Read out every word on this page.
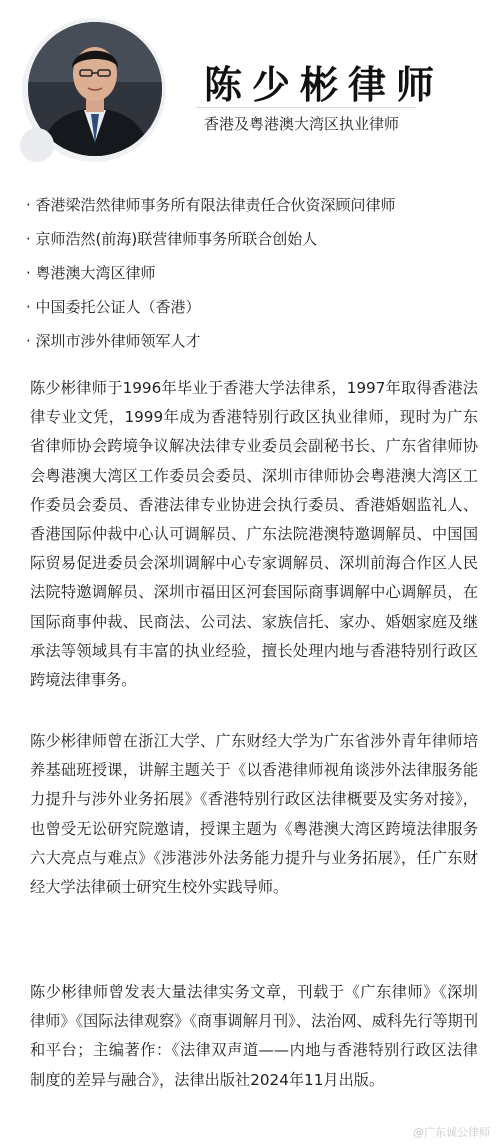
陈少彬律师
香港及粤港澳大湾区执业律师
· 香港梁浩然律师事务所有限法律责任合伙资深顾问律师
· 京师浩然(前海)联营律师事务所联合创始人
· 粤港澳大湾区律师
· 中国委托公证人（香港）
· 深圳市涉外律师领军人才
陈少彬律师于1996年毕业于香港大学法律系，1997年取得香港法律专业文凭，1999年成为香港特别行政区执业律师，现时为广东省律师协会跨境争议解决法律专业委员会副秘书长、广东省律师协会粤港澳大湾区工作委员会委员、深圳市律师协会粤港澳大湾区工作委员会委员、香港法律专业协进会执行委员、香港婚姻监礼人、香港国际仲裁中心认可调解员、广东法院港澳特邀调解员、中国国际贸易促进委员会深圳调解中心专家调解员、深圳前海合作区人民法院特邀调解员、深圳市福田区河套国际商事调解中心调解员，在国际商事仲裁、民商法、公司法、家族信托、家办、婚姻家庭及继承法等领域具有丰富的执业经验，擅长处理内地与香港特别行政区跨境法律事务。
陈少彬律师曾在浙江大学、广东财经大学为广东省涉外青年律师培养基础班授课，讲解主题关于《以香港律师视角谈涉外法律服务能力提升与涉外业务拓展》《香港特别行政区法律概要及实务对接》，也曾受无讼研究院邀请，授课主题为《粤港澳大湾区跨境法律服务六大亮点与难点》《涉港涉外法务能力提升与业务拓展》，任广东财经大学法律硕士研究生校外实践导师。
陈少彬律师曾发表大量法律实务文章，刊载于《广东律师》《深圳律师》《国际法律观察》《商事调解月刊》、法治网、威科先行等期刊和平台；主编著作：《法律双声道——内地与香港特别行政区法律制度的差异与融合》，法律出版社2024年11月出版。
@广东诚公律师
